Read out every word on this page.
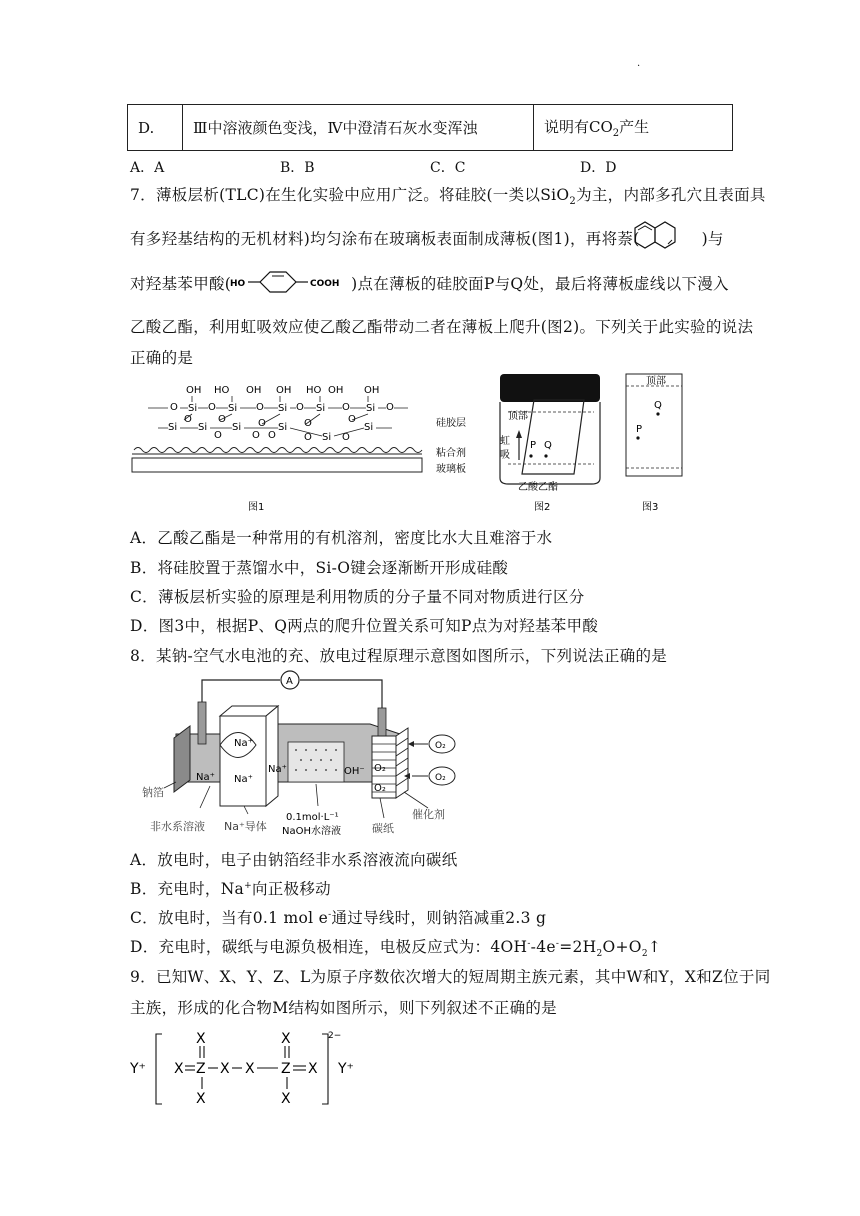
.
D.	Ⅲ中溶液颜色变浅，Ⅳ中澄清石灰水变浑浊	说明有$CO_2$产生
A．A	B．B	C．C	D．D
7．薄板层析(TLC)在生化实验中应用广泛。将硅胶(一类以SiO$_2$为主，内部多孔穴且表面具
有多羟基结构的无机材料)均匀涂布在玻璃板表面制成薄板(图1)，再将萘(	)与
对羟基苯甲酸(	)点在薄板的硅胶面P与Q处，最后将薄板虚线以下漫入
HO	COOH
乙酸乙酯，利用虹吸效应使乙酸乙酯带动二者在薄板上爬升(图2)。下列关于此实验的说法
正确的是
OH HO OH OH HO OH OH
Si	Si	Si	Si	Si
Si Si Si	Si
Si
Si
O	O	O	O	O	O
O	O	O	O	O
O	O O	O	O
硅胶层
粘合剂
玻璃板
图1
顶部
虹
吸
P Q
乙酸乙酯
图2
顶部
Q
P
图3
A．乙酸乙酯是一种常用的有机溶剂，密度比水大且难溶于水
B．将硅胶置于蒸馏水中，Si-O键会逐渐断开形成硅酸
C．薄板层析实验的原理是利用物质的分子量不同对物质进行区分
D．图3中，根据P、Q两点的爬升位置关系可知P点为对羟基苯甲酸
8．某钠-空气水电池的充、放电过程原理示意图如图所示，下列说法正确的是
A
Na⁺
Na⁺
Na⁺
Na⁺	OH⁻ O₂
O₂
O₂
O₂
钠箔
非水系溶液 Na⁺导体
0.1mol·L⁻¹
NaOH水溶液	碳纸
催化剂
A．放电时，电子由钠箔经非水系溶液流向碳纸
B．充电时，Na+向正极移动
C．放电时，当有0.1 mol e-通过导线时，则钠箔减重2.3 g
D．充电时，碳纸与电源负极相连，电极反应式为：$4OH^--4e^-=2H_2O+O_2↑$
9．已知W、X、Y、Z、L为原子序数依次增大的短周期主族元素，其中W和Y，X和Z位于同
主族，形成的化合物M结构如图所示，则下列叙述不正确的是
Y⁺ X Z X X Z X
X
X
X
X
Y⁺
2−
